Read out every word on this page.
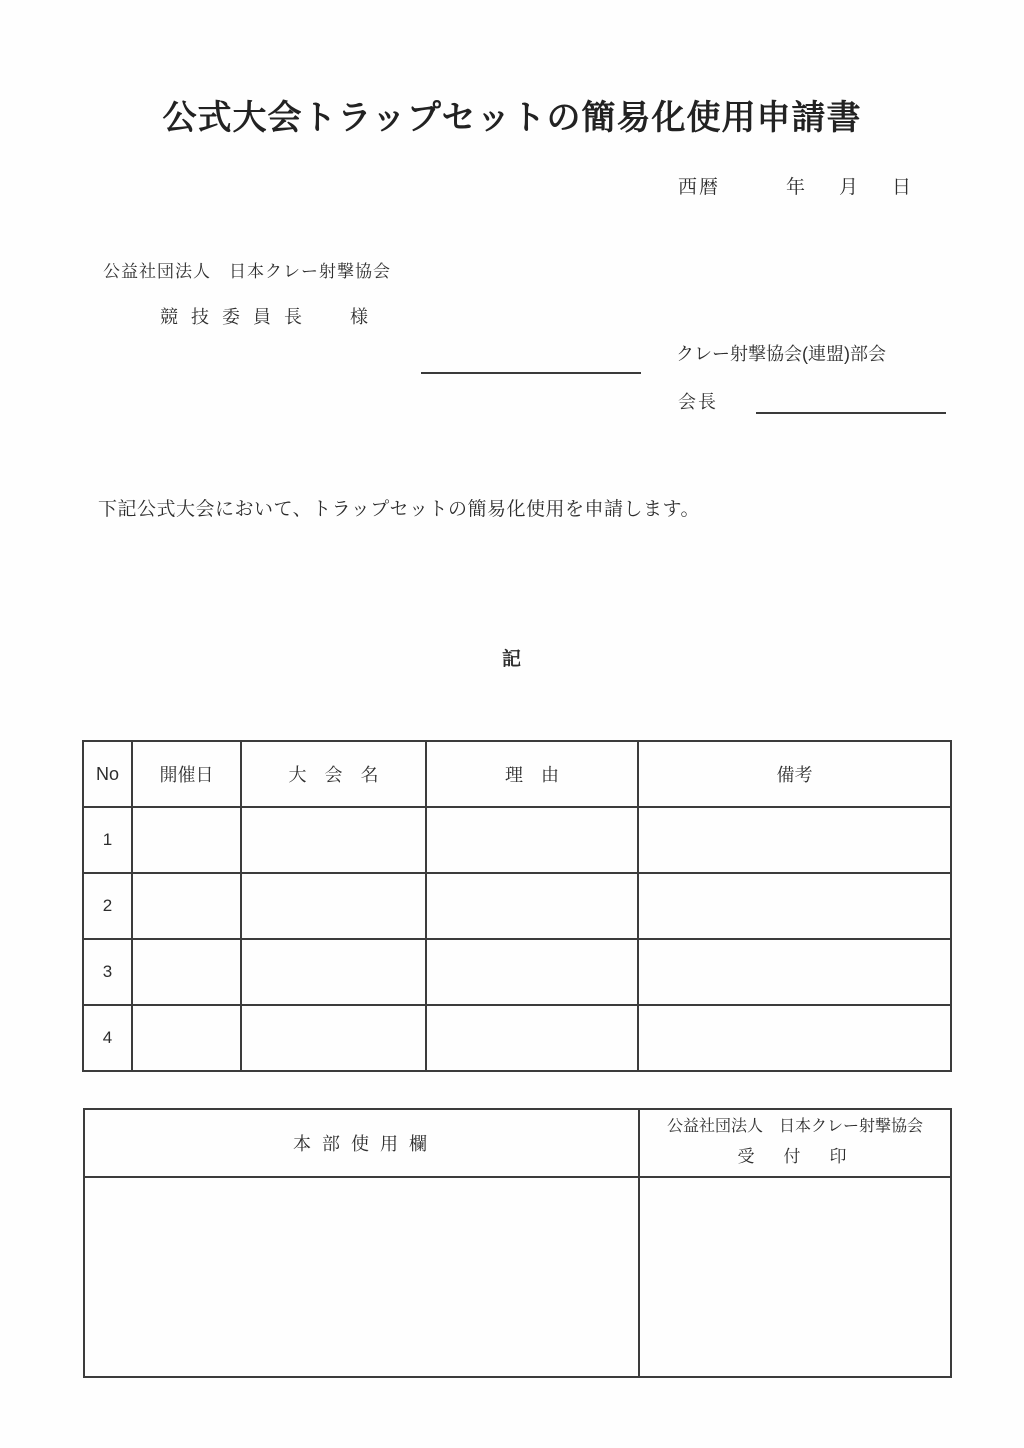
公式大会トラップセットの簡易化使用申請書
西暦	年 月 日
公益社団法人　日本クレー射撃協会
競 技 委 員 長　　様
クレー射撃協会(連盟)部会
会長
下記公式大会において、トラップセットの簡易化使用を申請します。
記
No	開催日	大　会　名	理　由	備考
1				
2				
3				
4				
本 部 使 用 欄	公益社団法人　日本クレー射撃協会
受　付　印
